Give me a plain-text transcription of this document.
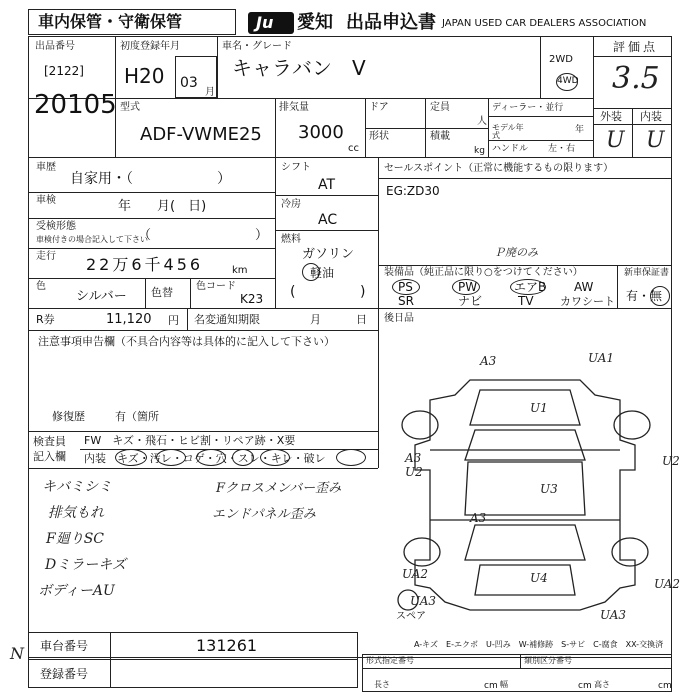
車内保管・守衛保管	Ju 愛知 出品申込書 JAPAN USED CAR DEALERS ASSOCIATION
出品番号
[2122]
20105
初度登録年月
H20 03
月
車名・グレード
キャラバン　V	2WD
4WD
評価点
3.5
外装 内装
U U
型式
ADF-VWME25
排気量
3000
cc
ドア	定員
人
形状	積載
kg
ディーラー・並行
モデル年式
年
ハンドル 左・右
車歴
自家用・（　　　　　　）
車検	年　　月(　日)
受検形態
車検付きの場合記入して下さい
（　　　　　　　　）
走行 22万6千456	km
色
シルバー 色替 色コード
K23
シフト
AT
冷房
AC
燃料
ガソリン
軽油
(	)
セールスポイント（正常に機能するもの限ります）
EG:ZD30
Ｐ廃のみ
装備品（純正品に限り○をつけてください）
PS	PW	エアB AW
SR	ナビ	TV カワシート
新車保証書
有・無
R券	11,120 円 名変通知期限	月	日 後日品
注意事項申告欄（不具合内容等は具体的に記入して下さい）
修復歴	有（箇所
検査員
記入欄
FW　キズ・飛石・ヒビ割・リペア跡・X要
内装　キズ・汚レ・コゲ・穴・スレ・キレ・破レ
キバミシミ
排気もれ
F廻りSC
Dミラーキズ
ボディーAU
Fクロスメンバー歪み
エンドパネル歪み
A3	UA1
U1
A3
U2
U2
U3
A3
U4
UA2
UA2
UA3
UA3
スペア
A-キズ　E-エクボ　U-凹み　W-補修跡　S-サビ　C-腐食　XX-交換済
N 車台番号	131261
登録番号
形式指定番号	類別区分番号
長さ	cm 幅	cm 高さ	cm
